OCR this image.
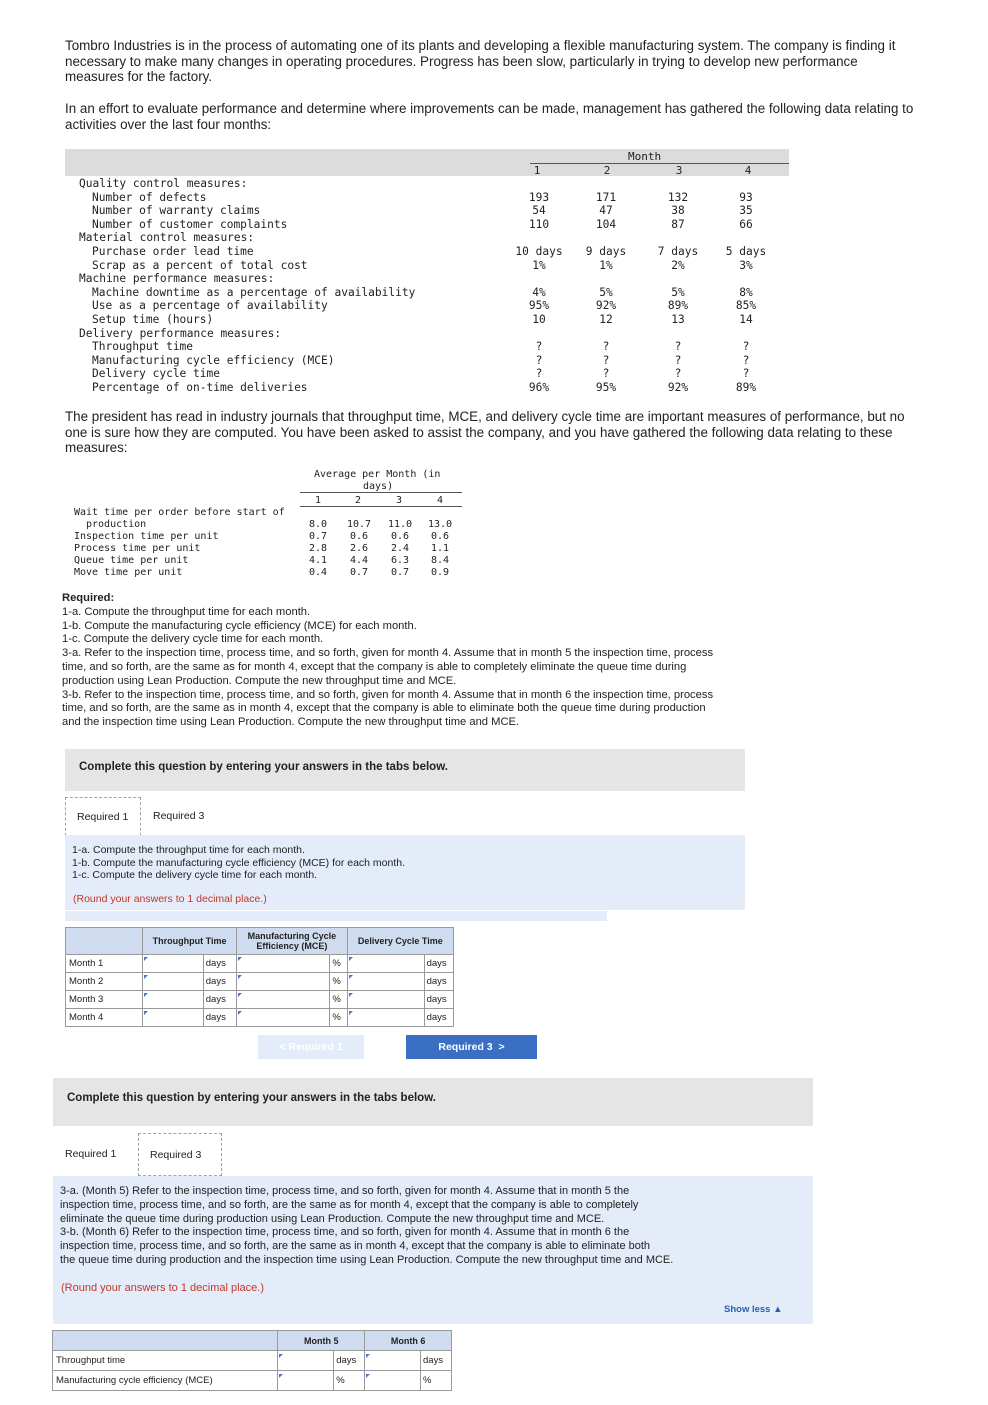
Tombro Industries is in the process of automating one of its plants and developing a flexible manufacturing system. The company is finding it necessary to make many changes in operating procedures. Progress has been slow, particularly in trying to develop new performance measures for the factory.
In an effort to evaluate performance and determine where improvements can be made, management has gathered the following data relating to activities over the last four months:
Month
1	2	3	4
Quality control measures:
Number of defects	193	171	132	93
Number of warranty claims	54	47	38	35
Number of customer complaints	110	104	87	66
Material control measures:
Purchase order lead time	10 days	9 days	7 days	5 days
Scrap as a percent of total cost	1%	1%	2%	3%
Machine performance measures:
Machine downtime as a percentage of availability	4%	5%	5%	8%
Use as a percentage of availability	95%	92%	89%	85%
Setup time (hours)	10	12	13	14
Delivery performance measures:
Throughput time	?	?	?	?
Manufacturing cycle efficiency (MCE)	?	?	?	?
Delivery cycle time	?	?	?	?
Percentage of on-time deliveries	96%	95%	92%	89%
The president has read in industry journals that throughput time, MCE, and delivery cycle time are important measures of performance, but no one is sure how they are computed. You have been asked to assist the company, and you have gathered the following data relating to these measures:
Average per Month (in
days)
1	2	3	4
Wait time per order before start of
production	8.0	10.7	11.0	13.0
Inspection time per unit	0.7	0.6	0.6	0.6
Process time per unit	2.8	2.6	2.4	1.1
Queue time per unit	4.1	4.4	6.3	8.4
Move time per unit	0.4	0.7	0.7	0.9
Required:
1-a. Compute the throughput time for each month.
1-b. Compute the manufacturing cycle efficiency (MCE) for each month.
1-c. Compute the delivery cycle time for each month.
3-a. Refer to the inspection time, process time, and so forth, given for month 4. Assume that in month 5 the inspection time, process
time, and so forth, are the same as for month 4, except that the company is able to completely eliminate the queue time during
production using Lean Production. Compute the new throughput time and MCE.
3-b. Refer to the inspection time, process time, and so forth, given for month 4. Assume that in month 6 the inspection time, process
time, and so forth, are the same as in month 4, except that the company is able to eliminate both the queue time during production
and the inspection time using Lean Production. Compute the new throughput time and MCE.
Complete this question by entering your answers in the tabs below.
Required 1 Required 3
1-a. Compute the throughput time for each month.
1-b. Compute the manufacturing cycle efficiency (MCE) for each month.
1-c. Compute the delivery cycle time for each month.
(Round your answers to 1 decimal place.)
	Throughput Time		Manufacturing Cycle Efficiency (MCE)		Delivery Cycle Time	
Month 1		days		%		days
Month 2		days		%		days
Month 3		days		%		days
Month 4		days		%		days
< Required 1	Required 3  >
Complete this question by entering your answers in the tabs below.
Required 1	Required 3
3-a. (Month 5) Refer to the inspection time, process time, and so forth, given for month 4. Assume that in month 5 the
inspection time, process time, and so forth, are the same as for month 4, except that the company is able to completely
eliminate the queue time during production using Lean Production. Compute the new throughput time and MCE.
3-b. (Month 6) Refer to the inspection time, process time, and so forth, given for month 4. Assume that in month 6 the
inspection time, process time, and so forth, are the same as in month 4, except that the company is able to eliminate both
the queue time during production and the inspection time using Lean Production. Compute the new throughput time and MCE.
(Round your answers to 1 decimal place.)
Show less ▲
	Month 5		Month 6	
Throughput time		days		days
Manufacturing cycle efficiency (MCE)		%		%
